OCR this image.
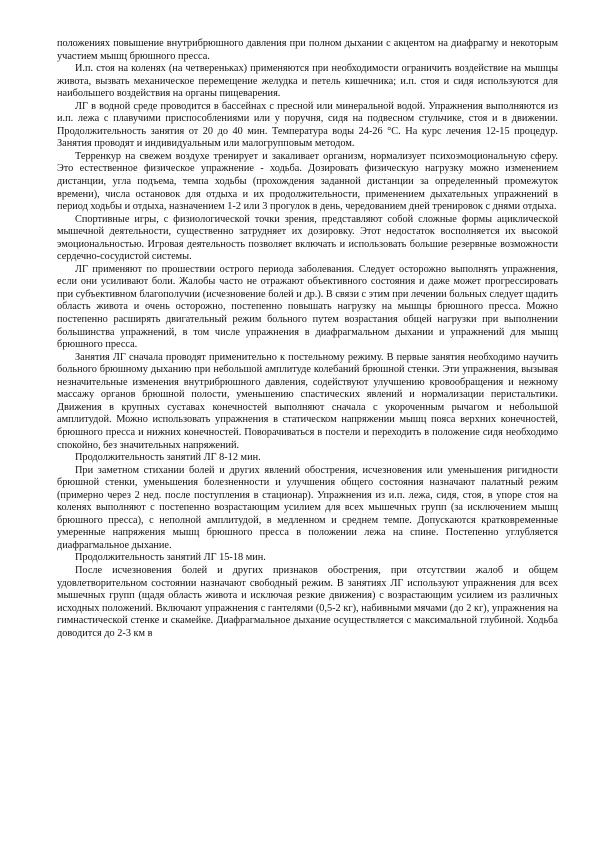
положениях повышение внутрибрюшного давления при полном дыхании с акцентом на диафрагму и некоторым участием мышц брюшного пресса.

И.п. стоя на коленях (на четвереньках) применяются при необходимости ограничить воздействие на мышцы живота, вызвать механическое перемещение желудка и петель кишечника; и.п. стоя и сидя используются для наибольшего воздействия на органы пищеварения.

ЛГ в водной среде проводится в бассейнах с пресной или минеральной водой. Упражнения выполняются из и.п. лежа с плавучими приспособлениями или у поручня, сидя на подвесном стульчике, стоя и в движении. Продолжительность занятия от 20 до 40 мин. Температура воды 24-26 °С. На курс лечения 12-15 процедур. Занятия проводят и индивидуальным или малогрупповым методом.

Терренкур на свежем воздухе тренирует и закаливает организм, нормализует психоэмоциональную сферу. Это естественное физическое упражнение - ходьба. Дозировать физическую нагрузку можно изменением дистанции, угла подъема, темпа ходьбы (прохождения заданной дистанции за определенный промежуток времени), числа остановок для отдыха и их продолжительности, применением дыхательных упражнений в период ходьбы и отдыха, назначением 1-2 или 3 прогулок в день, чередованием дней тренировок с днями отдыха.

Спортивные игры, с физиологической точки зрения, представляют собой сложные формы ациклической мышечной деятельности, существенно затрудняет их дозировку. Этот недостаток восполняется их высокой эмоциональностью. Игровая деятельность позволяет включать и использовать большие резервные возможности сердечно-сосудистой системы.

ЛГ применяют по прошествии острого периода заболевания. Следует осторожно выполнять упражнения, если они усиливают боли. Жалобы часто не отражают объективного состояния и даже может прогрессировать при субъективном благополучии (исчезновение болей и др.). В связи с этим при лечении больных следует щадить область живота и очень осторожно, постепенно повышать нагрузку на мышцы брюшного пресса. Можно постепенно расширять двигательный режим больного путем возрастания общей нагрузки при выполнении большинства упражнений, в том числе упражнения в диафрагмальном дыхании и упражнений для мышц брюшного пресса.

Занятия ЛГ сначала проводят применительно к постельному режиму. В первые занятия необходимо научить больного брюшному дыханию при небольшой амплитуде колебаний брюшной стенки. Эти упражнения, вызывая незначительные изменения внутрибрюшного давления, содействуют улучшению кровообращения и нежному массажу органов брюшной полости, уменьшению спастических явлений и нормализации перистальтики. Движения в крупных суставах конечностей выполняют сначала с укороченным рычагом и небольшой амплитудой. Можно использовать упражнения в статическом напряжении мышц пояса верхних конечностей, брюшного пресса и нижних конечностей. Поворачиваться в постели и переходить в положение сидя необходимо спокойно, без значительных напряжений.

Продолжительность занятий ЛГ 8-12 мин.

При заметном стихании болей и других явлений обострения, исчезновения или уменьшения ригидности брюшной стенки, уменьшения болезненности и улучшения общего состояния назначают палатный режим (примерно через 2 нед. после поступления в стационар). Упражнения из и.п. лежа, сидя, стоя, в упоре стоя на коленях выполняют с постепенно возрастающим усилием для всех мышечных групп (за исключением мышц брюшного пресса), с неполной амплитудой, в медленном и среднем темпе. Допускаются кратковременные умеренные напряжения мышц брюшного пресса в положении лежа на спине. Постепенно углубляется диафрагмальное дыхание.

Продолжительность занятий ЛГ 15-18 мин.

После исчезновения болей и других признаков обострения, при отсутствии жалоб и общем удовлетворительном состоянии назначают свободный режим. В занятиях ЛГ используют упражнения для всех мышечных групп (щадя область живота и исключая резкие движения) с возрастающим усилием из различных исходных положений. Включают упражнения с гантелями (0,5-2 кг), набивными мячами (до 2 кг), упражнения на гимнастической стенке и скамейке. Диафрагмальное дыхание осуществляется с максимальной глубиной. Ходьба доводится до 2-3 км в
